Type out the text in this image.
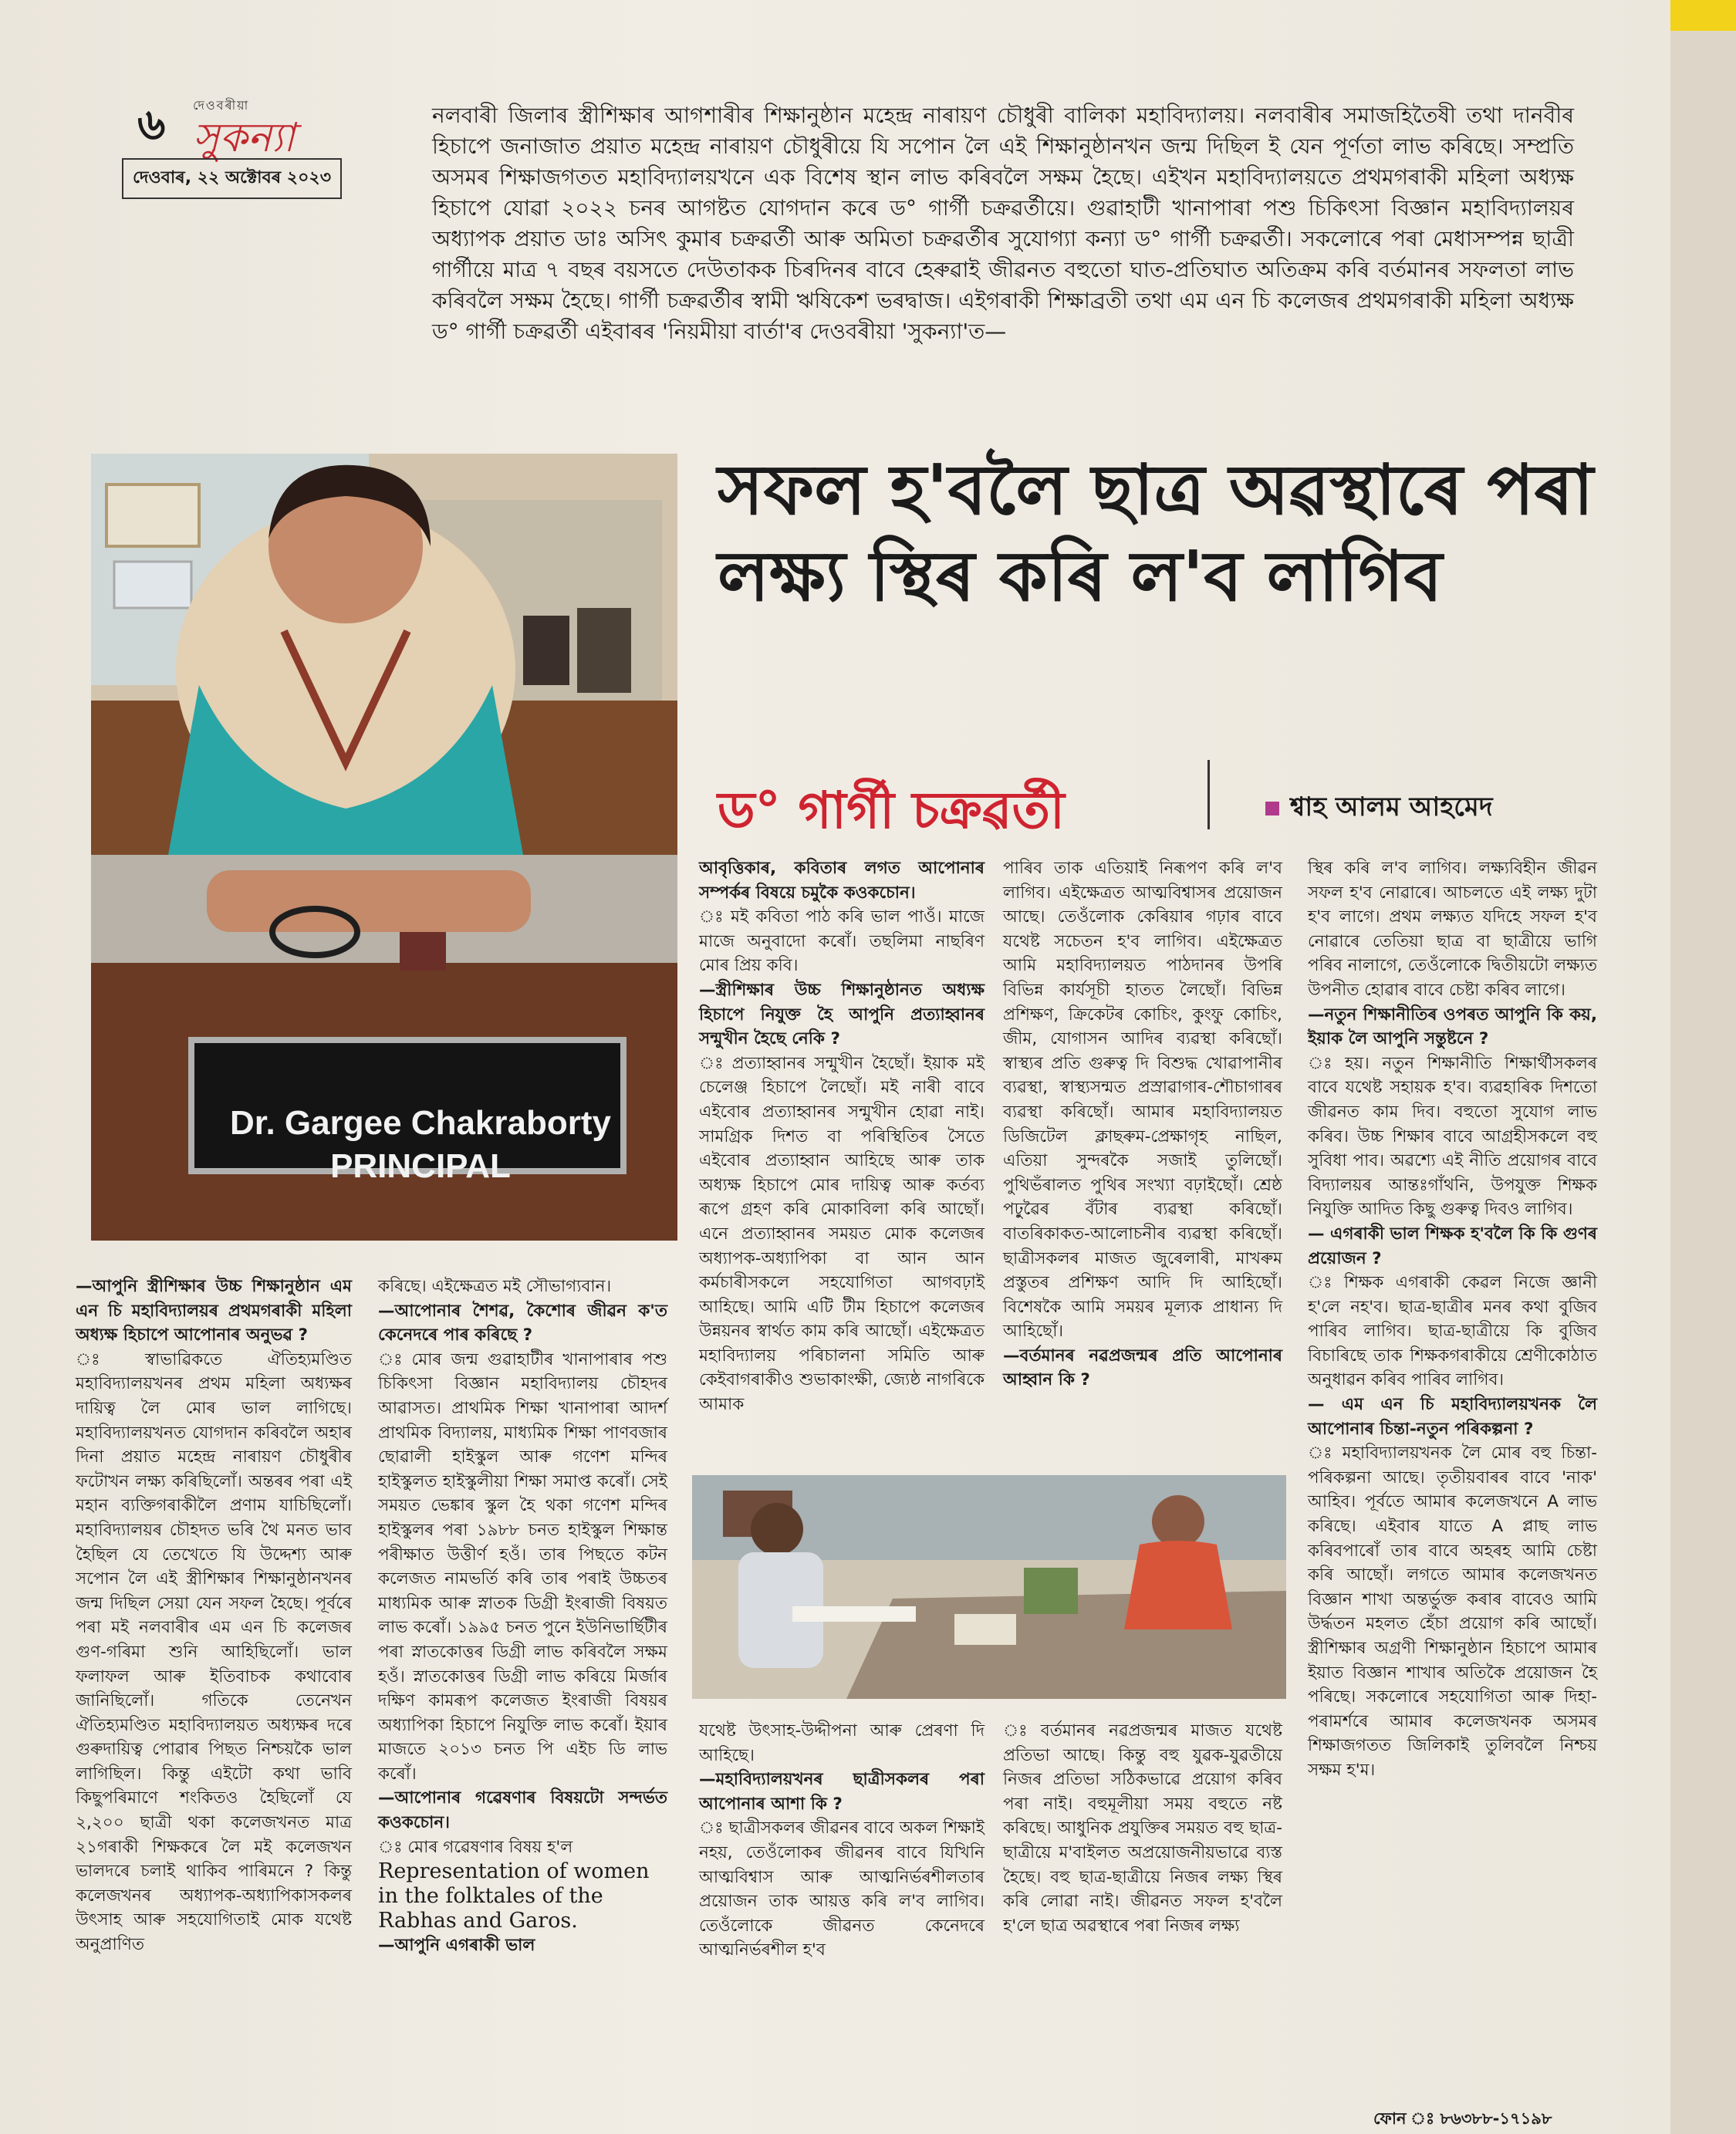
৬ দেওবৰীয়া
সুকন্যা
দেওবাৰ, ২২ অক্টোবৰ ২০২৩
নলবাৰী জিলাৰ স্ত্ৰীশিক্ষাৰ আগশাৰীৰ শিক্ষানুষ্ঠান মহেন্দ্ৰ নাৰায়ণ চৌধুৰী বালিকা মহাবিদ্যালয়। নলবাৰীৰ সমাজহিতৈষী তথা দানবীৰ হিচাপে জনাজাত প্ৰয়াত মহেন্দ্ৰ নাৰায়ণ চৌধুৰীয়ে যি সপোন লৈ এই শিক্ষানুষ্ঠানখন জন্ম দিছিল ই যেন পূৰ্ণতা লাভ কৰিছে। সম্প্ৰতি অসমৰ শিক্ষাজগতত মহাবিদ্যালয়খনে এক বিশেষ স্থান লাভ কৰিবলৈ সক্ষম হৈছে। এইখন মহাবিদ্যালয়তে প্ৰথমগৰাকী মহিলা অধ্যক্ষ হিচাপে যোৱা ২০২২ চনৰ আগষ্টত যোগদান কৰে ড° গাৰ্গী চক্ৰৱৰ্তীয়ে। গুৱাহাটী খানাপাৰা পশু চিকিৎসা বিজ্ঞান মহাবিদ্যালয়ৰ অধ্যাপক প্ৰয়াত ডাঃ অসিৎ কুমাৰ চক্ৰৱৰ্তী আৰু অমিতা চক্ৰৱৰ্তীৰ সুযোগ্যা কন্যা ড° গাৰ্গী চক্ৰৱৰ্তী। সকলোৰে পৰা মেধাসম্পন্ন ছাত্ৰী গাৰ্গীয়ে মাত্ৰ ৭ বছৰ বয়সতে দেউতাকক চিৰদিনৰ বাবে হেৰুৱাই জীৱনত বহুতো ঘাত-প্ৰতিঘাত অতিক্ৰম কৰি বৰ্তমানৰ সফলতা লাভ কৰিবলৈ সক্ষম হৈছে। গাৰ্গী চক্ৰৱৰ্তীৰ স্বামী ঋষিকেশ ভৰদ্বাজ। এইগৰাকী শিক্ষাব্ৰতী তথা এম এন চি কলেজৰ প্ৰথমগৰাকী মহিলা অধ্যক্ষ ড° গাৰ্গী চক্ৰৱৰ্তী এইবাৰৰ 'নিয়মীয়া বাৰ্তা'ৰ দেওবৰীয়া 'সুকন্যা'ত—
Dr. Gargee Chakraborty
PRINCIPAL
সফল হ'বলৈ ছাত্ৰ অৱস্থাৰে পৰা লক্ষ্য স্থিৰ কৰি ল'ব লাগিব
ড° গাৰ্গী চক্ৰৱৰ্তী	শ্বাহ আলম আহমেদ

—আপুনি স্ত্ৰীশিক্ষাৰ উচ্চ শিক্ষানুষ্ঠান এম এন চি মহাবিদ্যালয়ৰ প্ৰথমগৰাকী মহিলা অধ্যক্ষ হিচাপে আপোনাৰ অনুভৱ ?

ঃ স্বাভাৱিকতে ঐতিহ্যমণ্ডিত মহাবিদ্যালয়খনৰ প্ৰথম মহিলা অধ্যক্ষৰ দায়িত্ব লৈ মোৰ ভাল লাগিছে। মহাবিদ্যালয়খনত যোগদান কৰিবলৈ অহাৰ দিনা প্ৰয়াত মহেন্দ্ৰ নাৰায়ণ চৌধুৰীৰ ফটোখন লক্ষ্য কৰিছিলোঁ। অন্তৰৰ পৰা এই মহান ব্যক্তিগৰাকীলৈ প্ৰণাম যাচিছিলোঁ। মহাবিদ্যালয়ৰ চৌহদত ভৰি থৈ মনত ভাব হৈছিল যে তেখেতে যি উদ্দেশ্য আৰু সপোন লৈ এই স্ত্ৰীশিক্ষাৰ শিক্ষানুষ্ঠানখনৰ জন্ম দিছিল সেয়া যেন সফল হৈছে। পূৰ্বৰে পৰা মই নলবাৰীৰ এম এন চি কলেজৰ গুণ-গৰিমা শুনি আহিছিলোঁ। ভাল ফলাফল আৰু ইতিবাচক কথাবোৰ জানিছিলোঁ। গতিকে তেনেখন ঐতিহ্যমণ্ডিত মহাবিদ্যালয়ত অধ্যক্ষৰ দৰে গুৰুদায়িত্ব পোৱাৰ পিছত নিশ্চয়কৈ ভাল লাগিছিল। কিন্তু এইটো কথা ভাবি কিছুপৰিমাণে শংকিতও হৈছিলোঁ যে ২,২০০ ছাত্ৰী থকা কলেজখনত মাত্ৰ ২১গৰাকী শিক্ষকৰে লৈ মই কলেজখন ভালদৰে চলাই থাকিব পাৰিমনে ? কিন্তু কলেজখনৰ অধ্যাপক-অধ্যাপিকাসকলৰ উৎসাহ আৰু সহযোগিতাই মোক যথেষ্ট অনুপ্ৰাণিত

কৰিছে। এইক্ষেত্ৰত মই সৌভাগ্যবান।

—আপোনাৰ শৈশৱ, কৈশোৰ জীৱন ক'ত কেনেদৰে পাৰ কৰিছে ?

ঃ মোৰ জন্ম গুৱাহাটীৰ খানাপাৰাৰ পশু চিকিৎসা বিজ্ঞান মহাবিদ্যালয় চৌহদৰ আৱাসত। প্ৰাথমিক শিক্ষা খানাপাৰা আদৰ্শ প্ৰাথমিক বিদ্যালয়, মাধ্যমিক শিক্ষা পাণবজাৰ ছোৱালী হাইস্কুল আৰু গণেশ মন্দিৰ হাইস্কুলত হাইস্কুলীয়া শিক্ষা সমাপ্ত কৰোঁ। সেই সময়ত ভেঙ্কাৰ স্কুল হৈ থকা গণেশ মন্দিৰ হাইস্কুলৰ পৰা ১৯৮৮ চনত হাইস্কুল শিক্ষান্ত পৰীক্ষাত উত্তীৰ্ণ হওঁ। তাৰ পিছতে কটন কলেজত নামভৰ্তি কৰি তাৰ পৰাই উচ্চতৰ মাধ্যমিক আৰু স্নাতক ডিগ্ৰী ইংৰাজী বিষয়ত লাভ কৰোঁ। ১৯৯৫ চনত পুনে ইউনিভাৰ্ছিটীৰ পৰা স্নাতকোত্তৰ ডিগ্ৰী লাভ কৰিবলৈ সক্ষম হওঁ। স্নাতকোত্তৰ ডিগ্ৰী লাভ কৰিয়ে মিৰ্জাৰ দক্ষিণ কামৰূপ কলেজত ইংৰাজী বিষয়ৰ অধ্যাপিকা হিচাপে নিযুক্তি লাভ কৰোঁ। ইয়াৰ মাজতে ২০১৩ চনত পি এইচ ডি লাভ কৰোঁ।

—আপোনাৰ গৱেষণাৰ বিষয়টো সন্দৰ্ভত কওকচোন।

ঃ মোৰ গৱেষণাৰ বিষয় হ'ল

Representation of women in the folktales of the Rabhas and Garos.

—আপুনি এগৰাকী ভাল

আবৃত্তিকাৰ, কবিতাৰ লগত আপোনাৰ সম্পৰ্কৰ বিষয়ে চমুকৈ কওকচোন।

ঃ মই কবিতা পাঠ কৰি ভাল পাওঁ। মাজে মাজে অনুবাদো কৰোঁ। তছলিমা নাছৰিণ মোৰ প্ৰিয় কবি।

—স্ত্ৰীশিক্ষাৰ উচ্চ শিক্ষানুষ্ঠানত অধ্যক্ষ হিচাপে নিযুক্ত হৈ আপুনি প্ৰত্যাহ্বানৰ সন্মুখীন হৈছে নেকি ?

ঃ প্ৰত্যাহ্বানৰ সন্মুখীন হৈছোঁ। ইয়াক মই চেলেঞ্জ হিচাপে লৈছোঁ। মই নাৰী বাবে এইবোৰ প্ৰত্যাহ্বানৰ সন্মুখীন হোৱা নাই। সামগ্ৰিক দিশত বা পৰিস্থিতিৰ সৈতে এইবোৰ প্ৰত্যাহ্বান আহিছে আৰু তাক অধ্যক্ষ হিচাপে মোৰ দায়িত্ব আৰু কৰ্তব্য ৰূপে গ্ৰহণ কৰি মোকাবিলা কৰি আছোঁ। এনে প্ৰত্যাহ্বানৰ সময়ত মোক কলেজৰ অধ্যাপক-অধ্যাপিকা বা আন আন কৰ্মচাৰীসকলে সহযোগিতা আগবঢ়াই আহিছে। আমি এটি টীম হিচাপে কলেজৰ উন্নয়নৰ স্বাৰ্থত কাম কৰি আছোঁ। এইক্ষেত্ৰত মহাবিদ্যালয় পৰিচালনা সমিতি আৰু কেইবাগৰাকীও শুভাকাংক্ষী, জ্যেষ্ঠ নাগৰিকে আমাক

পাৰিব তাক এতিয়াই নিৰূপণ কৰি ল'ব লাগিব। এইক্ষেত্ৰত আত্মবিশ্বাসৰ প্ৰয়োজন আছে। তেওঁলোক কেৰিয়াৰ গঢ়াৰ বাবে যথেষ্ট সচেতন হ'ব লাগিব। এইক্ষেত্ৰত আমি মহাবিদ্যালয়ত পাঠদানৰ উপৰি বিভিন্ন কাৰ্যসূচী হাতত লৈছোঁ। বিভিন্ন প্ৰশিক্ষণ, ক্ৰিকেটৰ কোচিং, কুংফু কোচিং, জীম, যোগাসন আদিৰ ব্যৱস্থা কৰিছোঁ। স্বাস্থ্যৰ প্ৰতি গুৰুত্ব দি বিশুদ্ধ খোৱাপানীৰ ব্যৱস্থা, স্বাস্থ্যসন্মত প্ৰস্ৰাৱাগাৰ-শৌচাগাৰৰ ব্যৱস্থা কৰিছোঁ। আমাৰ মহাবিদ্যালয়ত ডিজিটেল ক্লাছৰুম-প্ৰেক্ষাগৃহ নাছিল, এতিয়া সুন্দৰকৈ সজাই তুলিছোঁ। পুথিভঁৰালত পুথিৰ সংখ্যা বঢ়াইছোঁ। শ্ৰেষ্ঠ পঢ়ুৱৈৰ বঁটাৰ ব্যৱস্থা কৰিছোঁ। বাতৰিকাকত-আলোচনীৰ ব্যৱস্থা কৰিছোঁ। ছাত্ৰীসকলৰ মাজত জুৰেলাৰী, মাখৰুম প্ৰস্তুতৰ প্ৰশিক্ষণ আদি দি আহিছোঁ। বিশেষকৈ আমি সময়ৰ মূল্যক প্ৰাধান্য দি আহিছোঁ।

—বৰ্তমানৰ নৱপ্ৰজন্মৰ প্ৰতি আপোনাৰ আহ্বান কি ?

স্থিৰ কৰি ল'ব লাগিব। লক্ষ্যবিহীন জীৱন সফল হ'ব নোৱাৰে। আচলতে এই লক্ষ্য দুটা হ'ব লাগে। প্ৰথম লক্ষ্যত যদিহে সফল হ'ব নোৱাৰে তেতিয়া ছাত্ৰ বা ছাত্ৰীয়ে ভাগি পৰিব নালাগে, তেওঁলোকে দ্বিতীয়টো লক্ষ্যত উপনীত হোৱাৰ বাবে চেষ্টা কৰিব লাগে।

—নতুন শিক্ষানীতিৰ ওপৰত আপুনি কি কয়, ইয়াক লৈ আপুনি সন্তুষ্টনে ?

ঃ হয়। নতুন শিক্ষানীতি শিক্ষাৰ্থীসকলৰ বাবে যথেষ্ট সহায়ক হ'ব। ব্যৱহাৰিক দিশতো জীৱনত কাম দিব। বহুতো সুযোগ লাভ কৰিব। উচ্চ শিক্ষাৰ বাবে আগ্ৰহীসকলে বহু সুবিধা পাব। অৱশ্যে এই নীতি প্ৰয়োগৰ বাবে বিদ্যালয়ৰ আন্তঃগাঁথনি, উপযুক্ত শিক্ষক নিযুক্তি আদিত কিছু গুৰুত্ব দিবও লাগিব।

— এগৰাকী ভাল শিক্ষক হ'বলৈ কি কি গুণৰ প্ৰয়োজন ?

ঃ শিক্ষক এগৰাকী কেৱল নিজে জ্ঞানী হ'লে নহ'ব। ছাত্ৰ-ছাত্ৰীৰ মনৰ কথা বুজিব পাৰিব লাগিব। ছাত্ৰ-ছাত্ৰীয়ে কি বুজিব বিচাৰিছে তাক শিক্ষকগৰাকীয়ে শ্ৰেণীকোঠাত অনুধাৱন কৰিব পাৰিব লাগিব।

— এম এন চি মহাবিদ্যালয়খনক লৈ আপোনাৰ চিন্তা-নতুন পৰিকল্পনা ?

ঃ মহাবিদ্যালয়খনক লৈ মোৰ বহু চিন্তা-পৰিকল্পনা আছে। তৃতীয়বাৰৰ বাবে 'নাক' আহিব। পূৰ্বতে আমাৰ কলেজখনে A লাভ কৰিছে। এইবাৰ যাতে A প্লাছ লাভ কৰিবপাৰোঁ তাৰ বাবে অহৰহ আমি চেষ্টা কৰি আছোঁ। লগতে আমাৰ কলেজখনত বিজ্ঞান শাখা অন্তৰ্ভুক্ত কৰাৰ বাবেও আমি উৰ্দ্ধতন মহলত হেঁচা প্ৰয়োগ কৰি আছোঁ। স্ত্ৰীশিক্ষাৰ অগ্ৰণী শিক্ষানুষ্ঠান হিচাপে আমাৰ ইয়াত বিজ্ঞান শাখাৰ অতিকৈ প্ৰয়োজন হৈ পৰিছে। সকলোৰে সহযোগিতা আৰু দিহা-পৰামৰ্শৰে আমাৰ কলেজখনক অসমৰ শিক্ষাজগতত জিলিকাই তুলিবলৈ নিশ্চয় সক্ষম হ'ম।

যথেষ্ট উৎসাহ-উদ্দীপনা আৰু প্ৰেৰণা দি আহিছে।

—মহাবিদ্যালয়খনৰ ছাত্ৰীসকলৰ পৰা আপোনাৰ আশা কি ?

ঃ ছাত্ৰীসকলৰ জীৱনৰ বাবে অকল শিক্ষাই নহয়, তেওঁলোকৰ জীৱনৰ বাবে যিখিনি আত্মবিশ্বাস আৰু আত্মনিৰ্ভৰশীলতাৰ প্ৰয়োজন তাক আয়ত্ত কৰি ল'ব লাগিব। তেওঁলোকে জীৱনত কেনেদৰে আত্মনিৰ্ভৰশীল হ'ব

ঃ বৰ্তমানৰ নৱপ্ৰজন্মৰ মাজত যথেষ্ট প্ৰতিভা আছে। কিন্তু বহু যুৱক-যুৱতীয়ে নিজৰ প্ৰতিভা সঠিকভাৱে প্ৰয়োগ কৰিব পৰা নাই। বহুমূলীয়া সময় বহুতে নষ্ট কৰিছে। আধুনিক প্ৰযুক্তিৰ সময়ত বহু ছাত্ৰ-ছাত্ৰীয়ে ম'বাইলত অপ্ৰয়োজনীয়ভাৱে ব্যস্ত হৈছে। বহু ছাত্ৰ-ছাত্ৰীয়ে নিজৰ লক্ষ্য স্থিৰ কৰি লোৱা নাই। জীৱনত সফল হ'বলৈ হ'লে ছাত্ৰ অৱস্থাৰে পৰা নিজৰ লক্ষ্য

ফোন ঃ ৮৬৩৮৮-১৭১৯৮
